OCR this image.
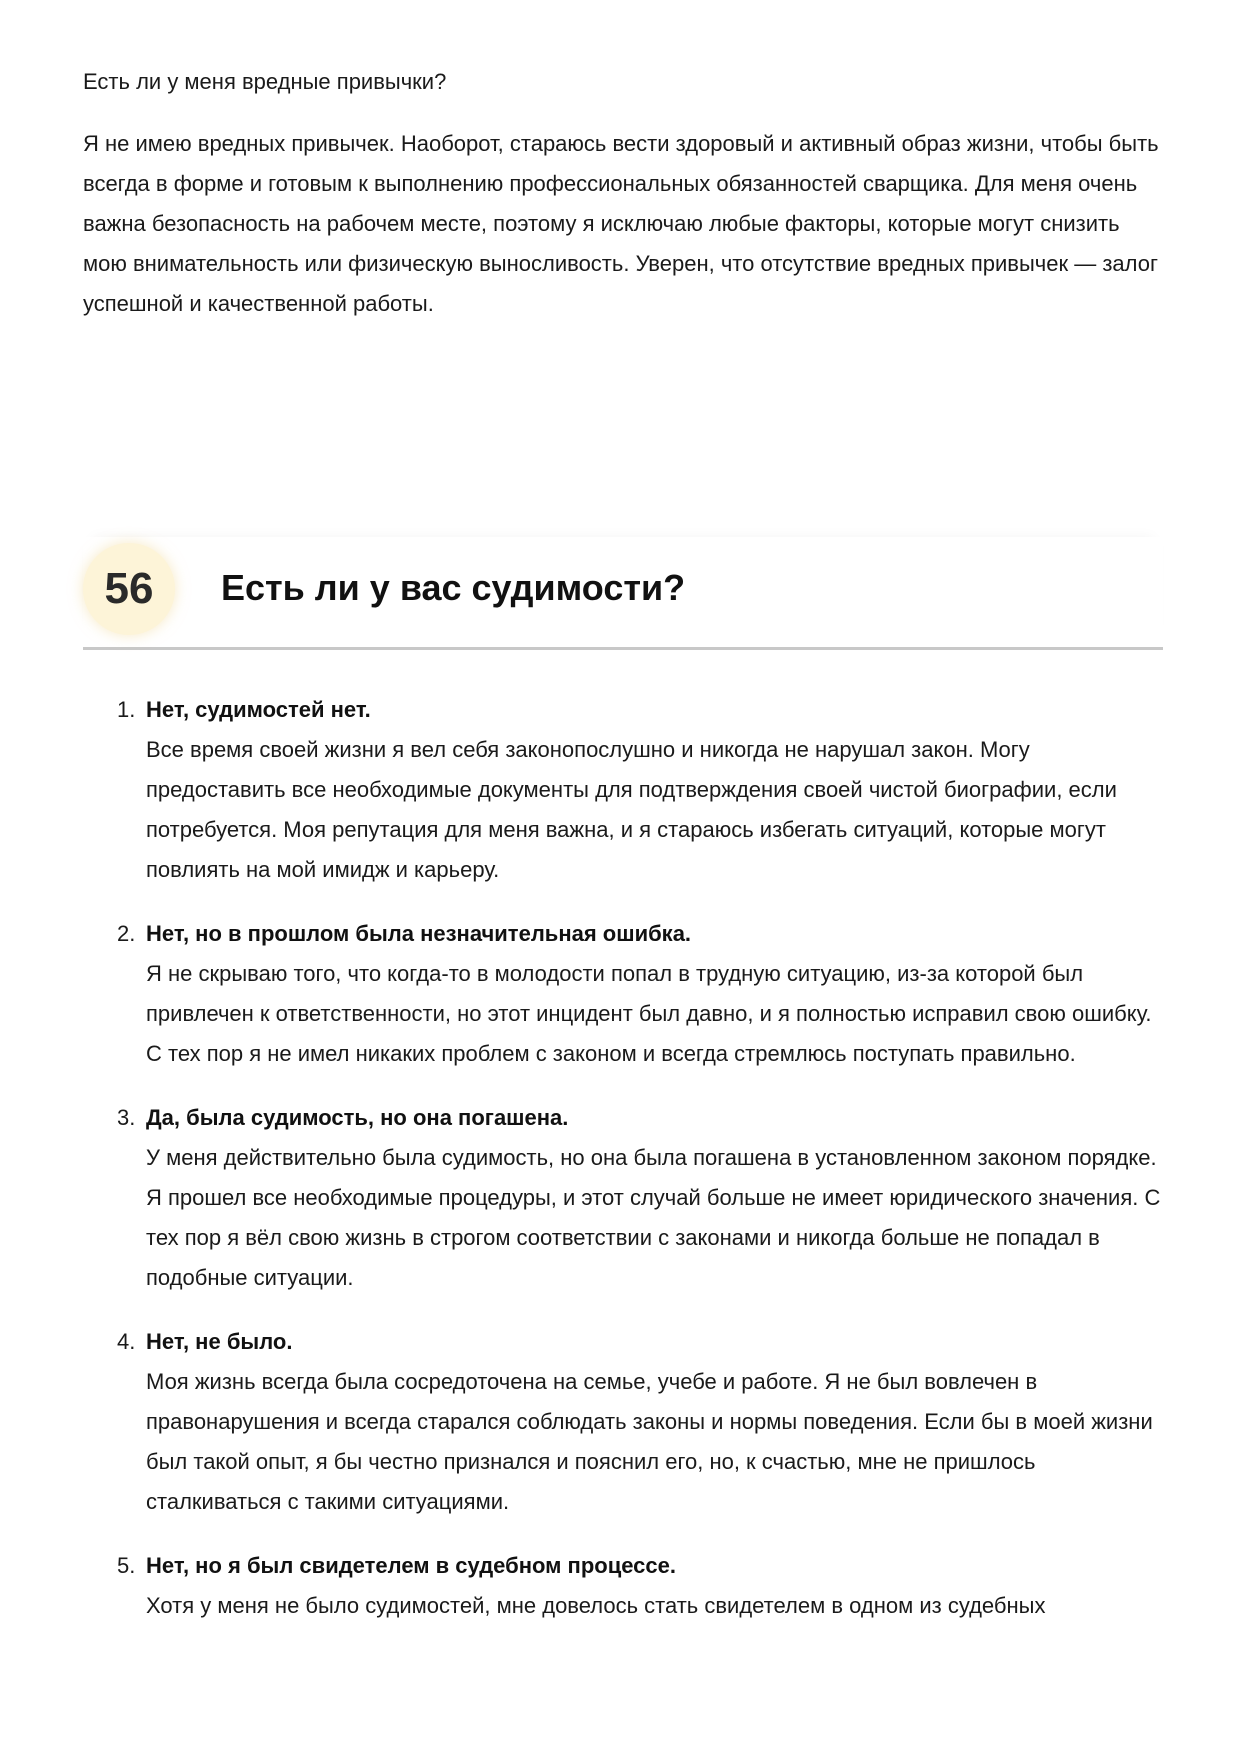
Есть ли у меня вредные привычки?

Я не имею вредных привычек. Наоборот, стараюсь вести здоровый и активный образ жизни, чтобы быть всегда в форме и готовым к выполнению профессиональных обязанностей сварщика. Для меня очень важна безопасность на рабочем месте, поэтому я исключаю любые факторы, которые могут снизить мою внимательность или физическую выносливость. Уверен, что отсутствие вредных привычек — залог успешной и качественной работы.

56	Есть ли у вас судимости?
1. Нет, судимостей нет.
Все время своей жизни я вел себя законопослушно и никогда не нарушал закон. Могу предоставить все необходимые документы для подтверждения своей чистой биографии, если потребуется. Моя репутация для меня важна, и я стараюсь избегать ситуаций, которые могут повлиять на мой имидж и карьеру.
2. Нет, но в прошлом была незначительная ошибка.
Я не скрываю того, что когда-то в молодости попал в трудную ситуацию, из-за которой был привлечен к ответственности, но этот инцидент был давно, и я полностью исправил свою ошибку. С тех пор я не имел никаких проблем с законом и всегда стремлюсь поступать правильно.
3. Да, была судимость, но она погашена.
У меня действительно была судимость, но она была погашена в установленном законом порядке. Я прошел все необходимые процедуры, и этот случай больше не имеет юридического значения. С тех пор я вёл свою жизнь в строгом соответствии с законами и никогда больше не попадал в подобные ситуации.
4. Нет, не было.
Моя жизнь всегда была сосредоточена на семье, учебе и работе. Я не был вовлечен в правонарушения и всегда старался соблюдать законы и нормы поведения. Если бы в моей жизни был такой опыт, я бы честно признался и пояснил его, но, к счастью, мне не пришлось сталкиваться с такими ситуациями.
5. Нет, но я был свидетелем в судебном процессе.
Хотя у меня не было судимостей, мне довелось стать свидетелем в одном из судебных
